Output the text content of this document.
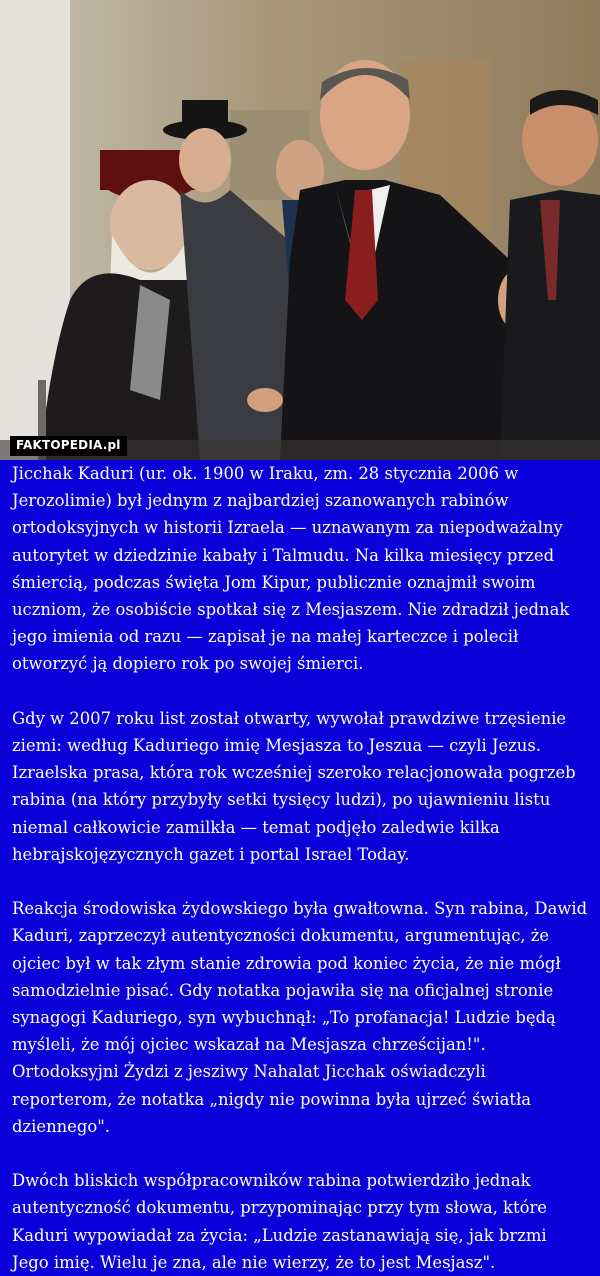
FAKTOPEDIA.pl

Jicchak Kaduri (ur. ok. 1900 w Iraku, zm. 28 stycznia 2006 w Jerozolimie) był jednym z najbardziej szanowanych rabinów ortodoksyjnych w historii Izraela — uznawanym za niepodważalny autorytet w dziedzinie kabały i Talmudu. Na kilka miesięcy przed śmiercią, podczas święta Jom Kipur, publicznie oznajmił swoim uczniom, że osobiście spotkał się z Mesjaszem. Nie zdradził jednak jego imienia od razu — zapisał je na małej karteczce i polecił otworzyć ją dopiero rok po swojej śmierci.

Gdy w 2007 roku list został otwarty, wywołał prawdziwe trzęsienie ziemi: według Kaduriego imię Mesjasza to Jeszua — czyli Jezus. Izraelska prasa, która rok wcześniej szeroko relacjonowała pogrzeb rabina (na który przybyły setki tysięcy ludzi), po ujawnieniu listu niemal całkowicie zamilkła — temat podjęło zaledwie kilka hebrajskojęzycznych gazet i portal Israel Today.

Reakcja środowiska żydowskiego była gwałtowna. Syn rabina, Dawid Kaduri, zaprzeczył autentyczności dokumentu, argumentując, że ojciec był w tak złym stanie zdrowia pod koniec życia, że nie mógł samodzielnie pisać. Gdy notatka pojawiła się na oficjalnej stronie synagogi Kaduriego, syn wybuchnął: „To profanacja! Ludzie będą myśleli, że mój ojciec wskazał na Mesjasza chrześcijan!". Ortodoksyjni Żydzi z jesziwy Nahalat Jicchak oświadczyli reporterom, że notatka „nigdy nie powinna była ujrzeć światła dziennego".

Dwóch bliskich współpracowników rabina potwierdziło jednak autentyczność dokumentu, przypominając przy tym słowa, które Kaduri wypowiadał za życia: „Ludzie zastanawiają się, jak brzmi Jego imię. Wielu je zna, ale nie wierzy, że to jest Mesjasz".
